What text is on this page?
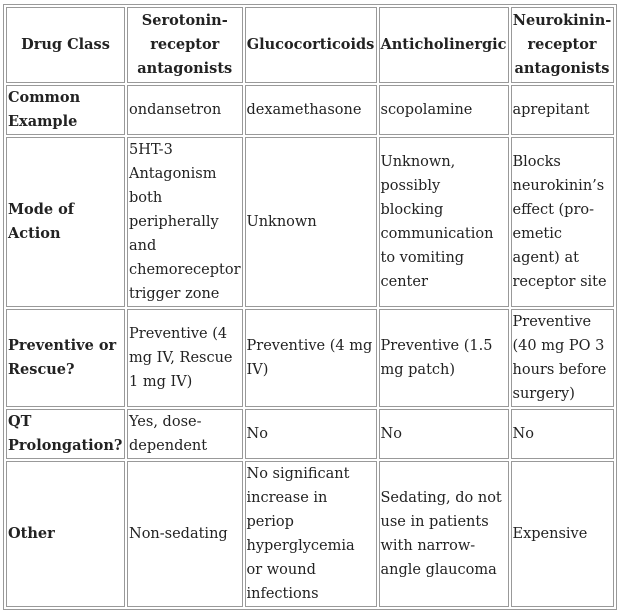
Drug Class	Serotonin-receptor antagonists	Glucocorticoids	Anticholinergic	Neurokinin-receptor antagonists
Common Example	ondansetron	dexamethasone	scopolamine	aprepitant
Mode of Action	5HT-3 Antagonism both peripherally and chemoreceptor trigger zone	Unknown	Unknown, possibly blocking communication to vomiting center	Blocks neurokinin’s effect (pro-emetic agent) at receptor site
Preventive or Rescue?	Preventive (4 mg IV, Rescue 1 mg IV)	Preventive (4 mg IV)	Preventive (1.5 mg patch)	Preventive (40 mg PO 3 hours before surgery)
QT Prolongation?	Yes, dose-dependent	No	No	No
Other	Non-sedating	No significant increase in periop hyperglycemia or wound infections	Sedating, do not use in patients with narrow-angle glaucoma	Expensive
